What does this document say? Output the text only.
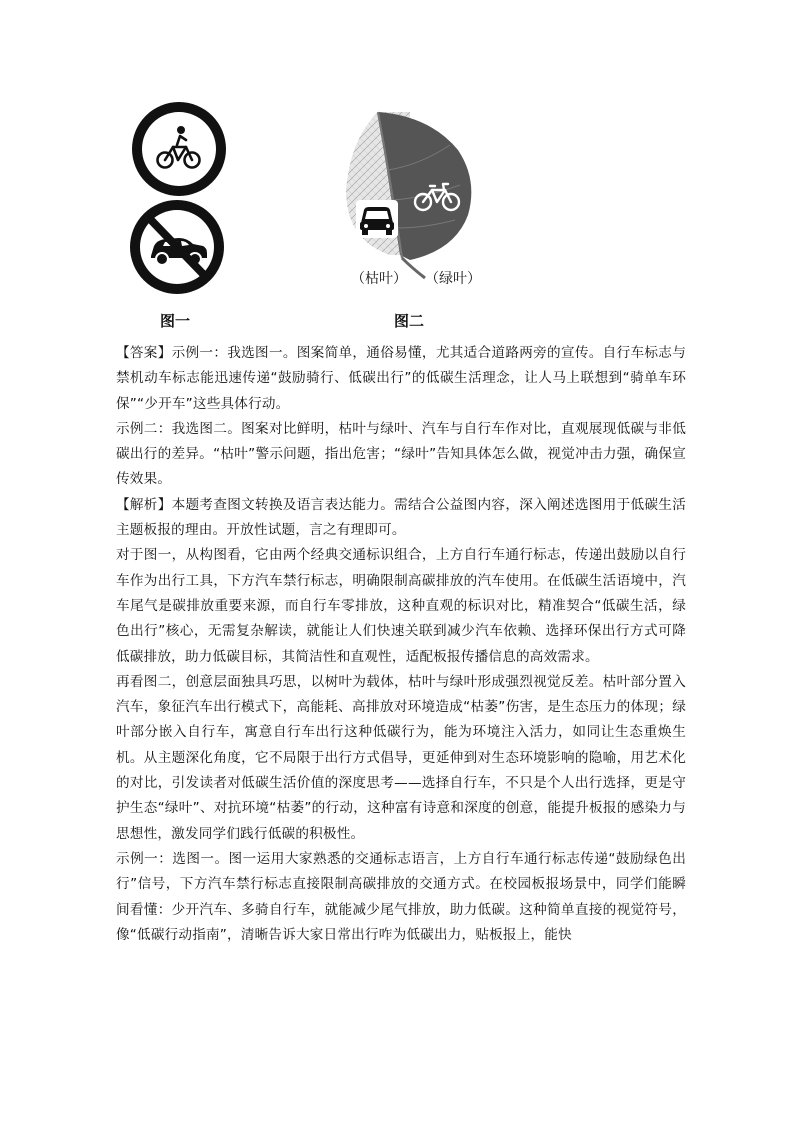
图一
（枯叶） （绿叶）
图二

【答案】示例一：我选图一。图案简单，通俗易懂，尤其适合道路两旁的宣传。自行车标志与禁机动车标志能迅速传递“鼓励骑行、低碳出行”的低碳生活理念，让人马上联想到“骑单车环保”“少开车”这些具体行动。

示例二：我选图二。图案对比鲜明，枯叶与绿叶、汽车与自行车作对比，直观展现低碳与非低碳出行的差异。“枯叶”警示问题，指出危害；“绿叶”告知具体怎么做，视觉冲击力强，确保宣传效果。

【解析】本题考查图文转换及语言表达能力。需结合公益图内容，深入阐述选图用于低碳生活主题板报的理由。开放性试题，言之有理即可。

对于图一，从构图看，它由两个经典交通标识组合，上方自行车通行标志，传递出鼓励以自行车作为出行工具，下方汽车禁行标志，明确限制高碳排放的汽车使用。在低碳生活语境中，汽车尾气是碳排放重要来源，而自行车零排放，这种直观的标识对比，精准契合“低碳生活，绿色出行”核心，无需复杂解读，就能让人们快速关联到减少汽车依赖、选择环保出行方式可降低碳排放，助力低碳目标，其简洁性和直观性，适配板报传播信息的高效需求。

再看图二，创意层面独具巧思，以树叶为载体，枯叶与绿叶形成强烈视觉反差。枯叶部分置入汽车，象征汽车出行模式下，高能耗、高排放对环境造成“枯萎”伤害，是生态压力的体现；绿叶部分嵌入自行车，寓意自行车出行这种低碳行为，能为环境注入活力，如同让生态重焕生机。从主题深化角度，它不局限于出行方式倡导，更延伸到对生态环境影响的隐喻，用艺术化的对比，引发读者对低碳生活价值的深度思考——选择自行车，不只是个人出行选择，更是守护生态“绿叶”、对抗环境“枯萎”的行动，这种富有诗意和深度的创意，能提升板报的感染力与思想性，激发同学们践行低碳的积极性。

示例一：选图一。图一运用大家熟悉的交通标志语言，上方自行车通行标志传递“鼓励绿色出行”信号，下方汽车禁行标志直接限制高碳排放的交通方式。在校园板报场景中，同学们能瞬间看懂：少开汽车、多骑自行车，就能减少尾气排放，助力低碳。这种简单直接的视觉符号，像“低碳行动指南”，清晰告诉大家日常出行咋为低碳出力，贴板报上，能快
